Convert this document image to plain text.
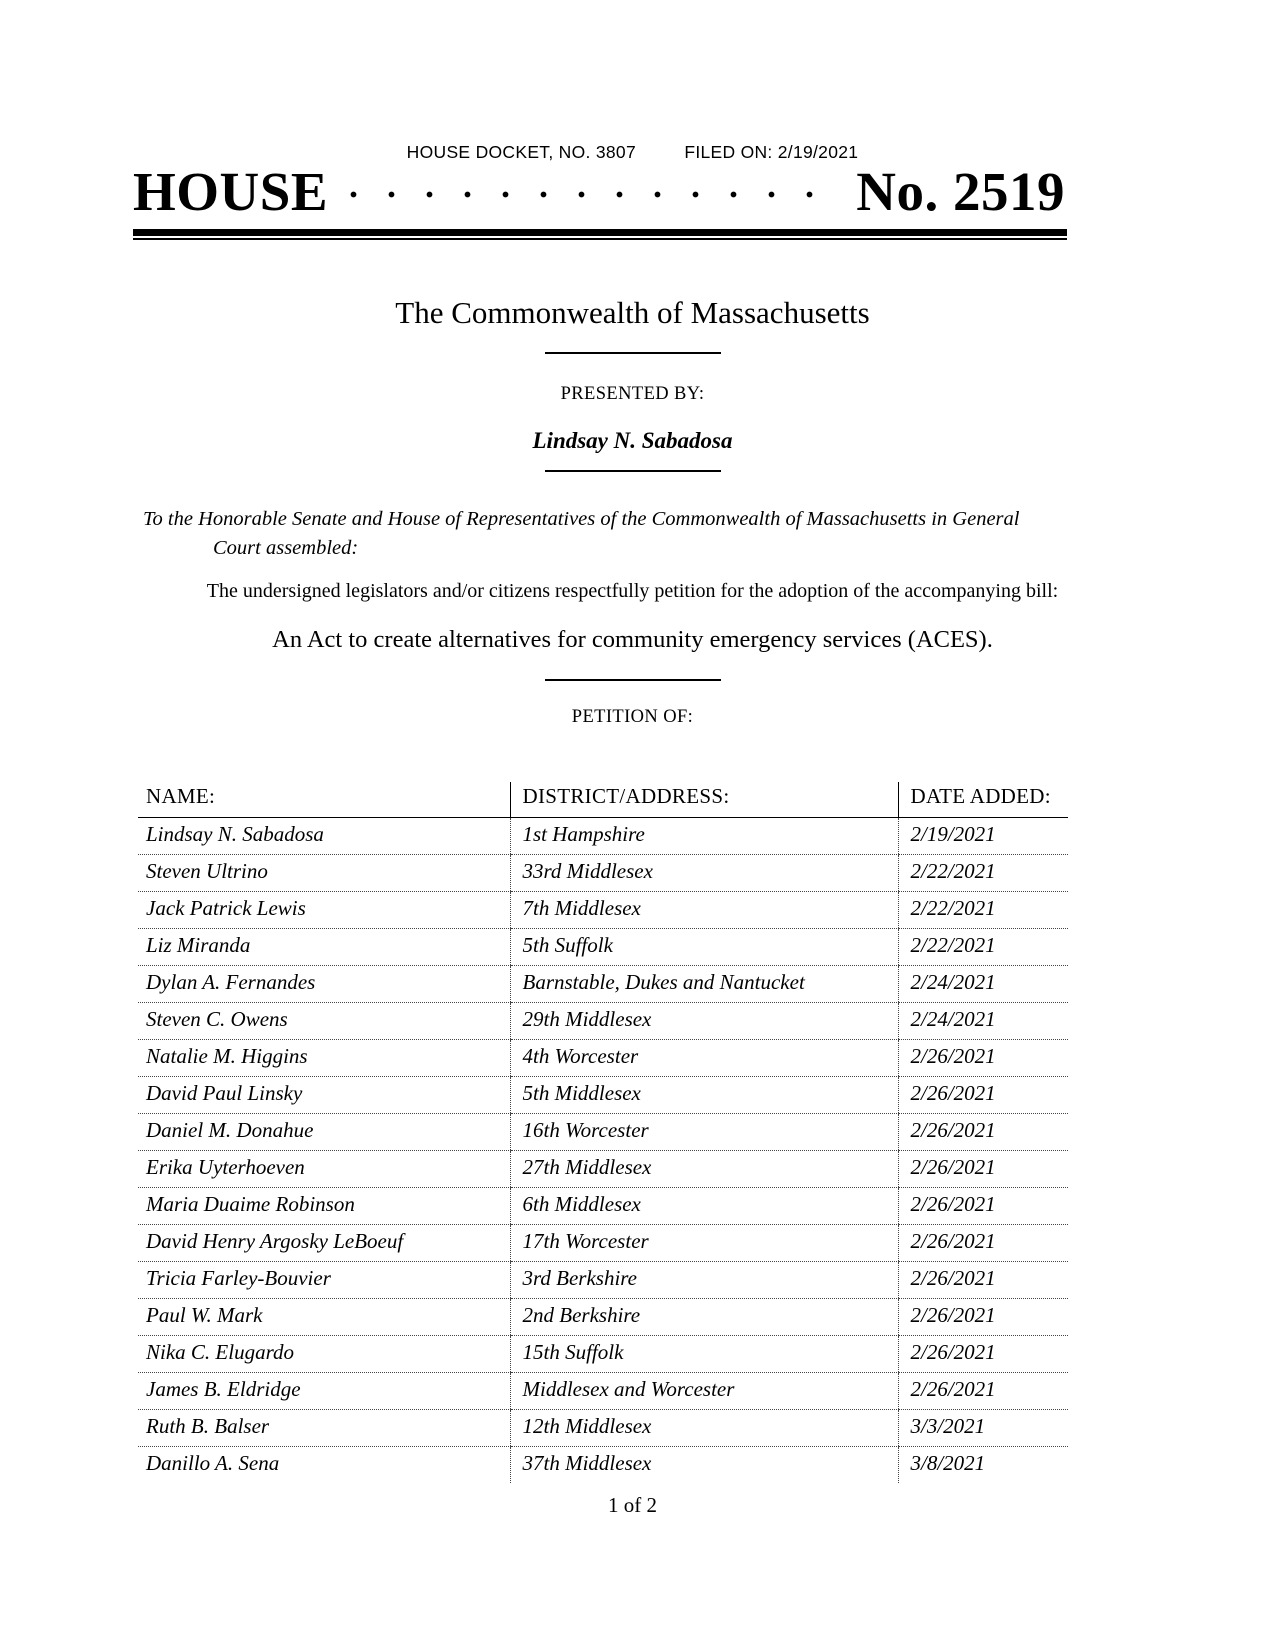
HOUSE DOCKET, NO. 3807	FILED ON: 2/19/2021
HOUSE	No. 2519
The Commonwealth of Massachusetts
PRESENTED BY:
Lindsay N. Sabadosa
To the Honorable Senate and House of Representatives of the Commonwealth of Massachusetts in General
Court assembled:
The undersigned legislators and/or citizens respectfully petition for the adoption of the accompanying bill:
An Act to create alternatives for community emergency services (ACES).
PETITION OF:
NAME:	DISTRICT/ADDRESS:	DATE ADDED:
Lindsay N. Sabadosa	1st Hampshire	2/19/2021
Steven Ultrino	33rd Middlesex	2/22/2021
Jack Patrick Lewis	7th Middlesex	2/22/2021
Liz Miranda	5th Suffolk	2/22/2021
Dylan A. Fernandes	Barnstable, Dukes and Nantucket	2/24/2021
Steven C. Owens	29th Middlesex	2/24/2021
Natalie M. Higgins	4th Worcester	2/26/2021
David Paul Linsky	5th Middlesex	2/26/2021
Daniel M. Donahue	16th Worcester	2/26/2021
Erika Uyterhoeven	27th Middlesex	2/26/2021
Maria Duaime Robinson	6th Middlesex	2/26/2021
David Henry Argosky LeBoeuf	17th Worcester	2/26/2021
Tricia Farley-Bouvier	3rd Berkshire	2/26/2021
Paul W. Mark	2nd Berkshire	2/26/2021
Nika C. Elugardo	15th Suffolk	2/26/2021
James B. Eldridge	Middlesex and Worcester	2/26/2021
Ruth B. Balser	12th Middlesex	3/3/2021
Danillo A. Sena	37th Middlesex	3/8/2021
1 of 2
